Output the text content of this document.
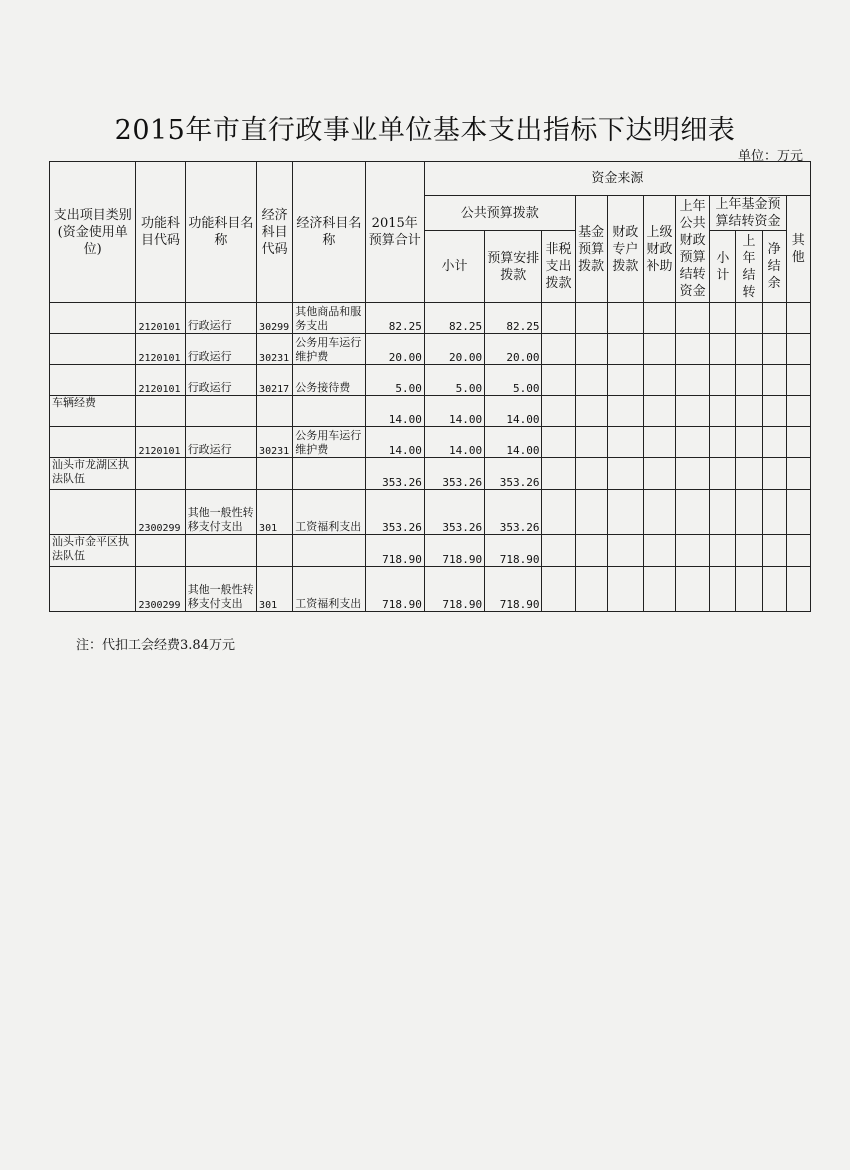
2015年市直行政事业单位基本支出指标下达明细表
单位：万元
支出项目类别(资金使用单位)	功能科目代码	功能科目名称	经济科目代码	经济科目名称	2015年预算合计	资金来源										
						公共预算拨款			基金预算拨款	财政专户拨款	上级财政补助	上年公共财政预算结转资金	上年基金预算结转资金			其他
						小计	预算安排拨款	非税支出拨款					小计	上年结转	净结余	
	2120101	行政运行	30299	其他商品和服务支出	82.25	82.25	82.25									
	2120101	行政运行	30231	公务用车运行维护费	20.00	20.00	20.00									
	2120101	行政运行	30217	公务接待费	5.00	5.00	5.00									
车辆经费					14.00	14.00	14.00									
	2120101	行政运行	30231	公务用车运行维护费	14.00	14.00	14.00									
汕头市龙湖区执法队伍					353.26	353.26	353.26									
	2300299	其他一般性转移支付支出	301	工资福利支出	353.26	353.26	353.26									
汕头市金平区执法队伍					718.90	718.90	718.90									
	2300299	其他一般性转移支付支出	301	工资福利支出	718.90	718.90	718.90									
注：代扣工会经费3.84万元
